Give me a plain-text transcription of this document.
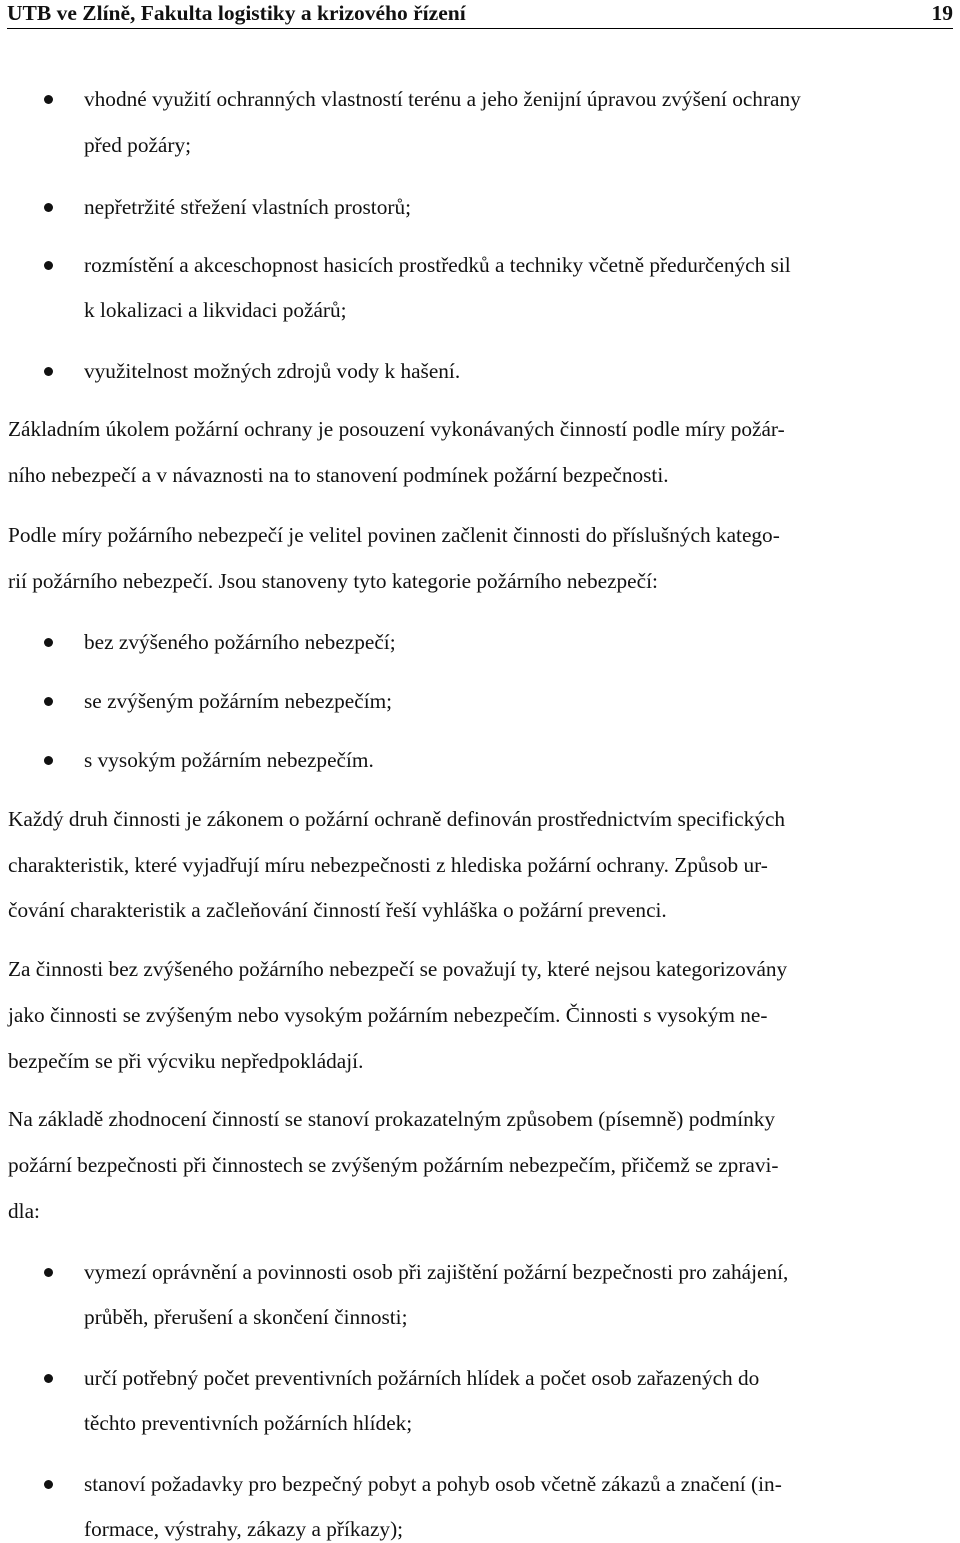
UTB ve Zlíně, Fakulta logistiky a krizového řízení	19
vhodné využití ochranných vlastností terénu a jeho ženijní úpravou zvýšení ochrany
před požáry;
nepřetržité střežení vlastních prostorů;
rozmístění a akceschopnost hasicích prostředků a techniky včetně předurčených sil
k lokalizaci a likvidaci požárů;
využitelnost možných zdrojů vody k hašení.
Základním úkolem požární ochrany je posouzení vykonávaných činností podle míry požár-
ního nebezpečí a v návaznosti na to stanovení podmínek požární bezpečnosti.
Podle míry požárního nebezpečí je velitel povinen začlenit činnosti do příslušných katego-
rií požárního nebezpečí. Jsou stanoveny tyto kategorie požárního nebezpečí:
bez zvýšeného požárního nebezpečí;
se zvýšeným požárním nebezpečím;
s vysokým požárním nebezpečím.
Každý druh činnosti je zákonem o požární ochraně definován prostřednictvím specifických
charakteristik, které vyjadřují míru nebezpečnosti z hlediska požární ochrany. Způsob ur-
čování charakteristik a začleňování činností řeší vyhláška o požární prevenci.
Za činnosti bez zvýšeného požárního nebezpečí se považují ty, které nejsou kategorizovány
jako činnosti se zvýšeným nebo vysokým požárním nebezpečím. Činnosti s vysokým ne-
bezpečím se při výcviku nepředpokládají.
Na základě zhodnocení činností se stanoví prokazatelným způsobem (písemně) podmínky
požární bezpečnosti při činnostech se zvýšeným požárním nebezpečím, přičemž se zpravi-
dla:
vymezí oprávnění a povinnosti osob při zajištění požární bezpečnosti pro zahájení,
průběh, přerušení a skončení činnosti;
určí potřebný počet preventivních požárních hlídek a počet osob zařazených do
těchto preventivních požárních hlídek;
stanoví požadavky pro bezpečný pobyt a pohyb osob včetně zákazů a značení (in-
formace, výstrahy, zákazy a příkazy);
